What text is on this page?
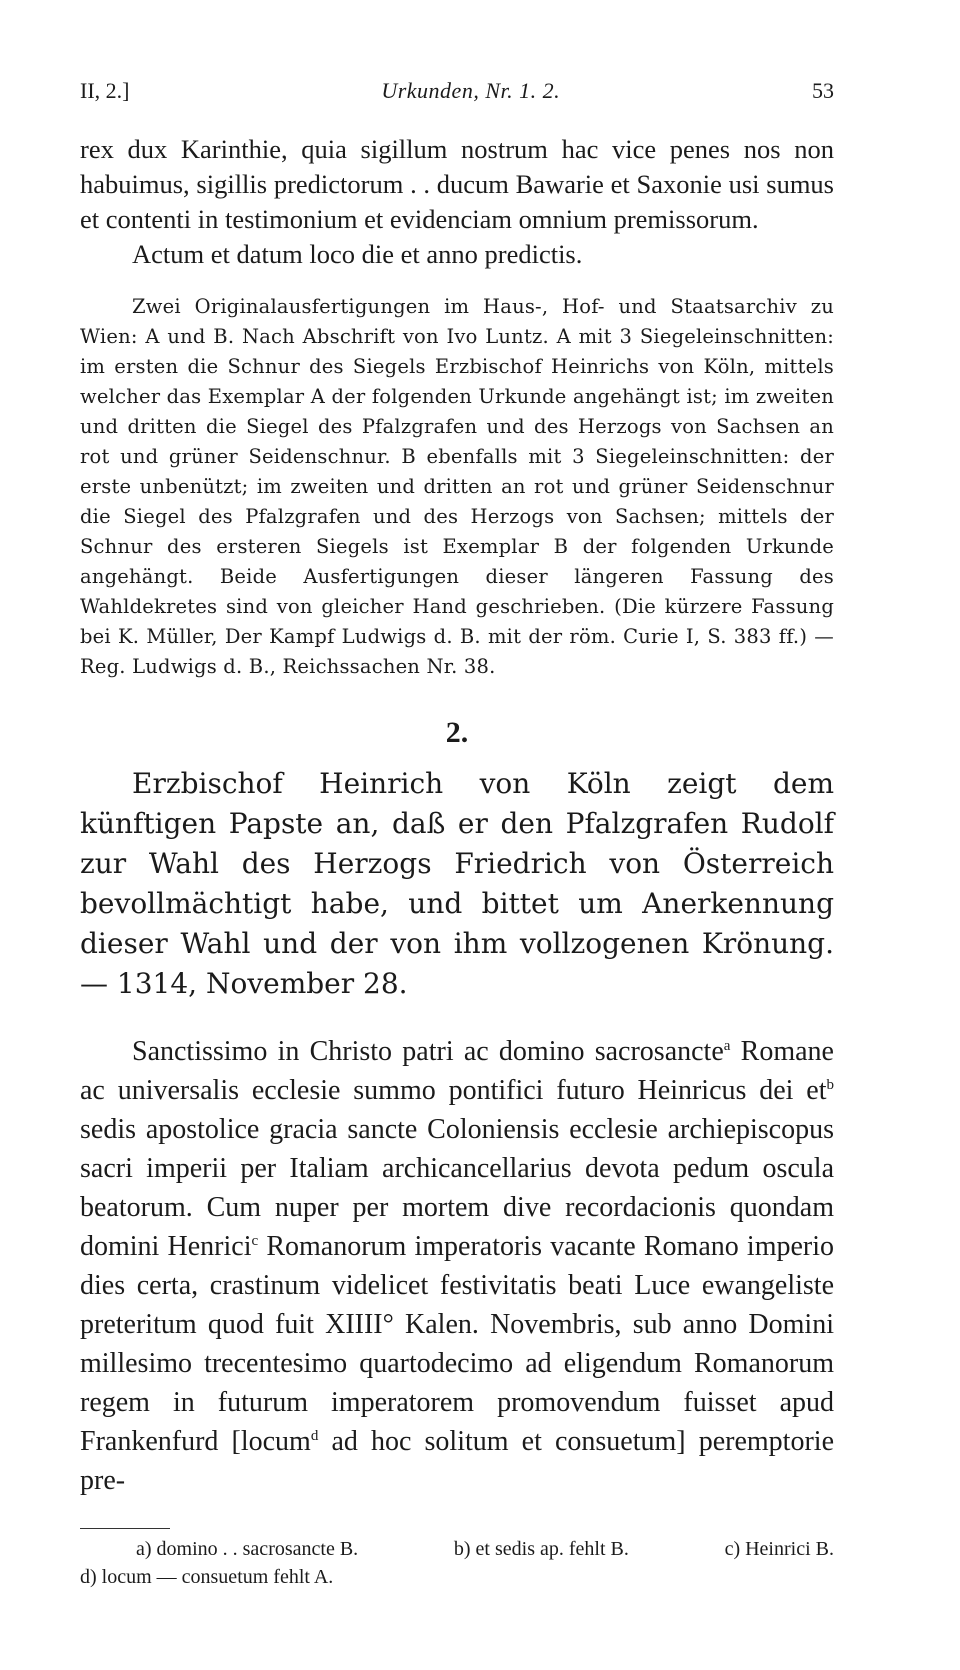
II, 2.]	Urkunden, Nr. 1. 2.	53

rex dux Karinthie, quia sigillum nostrum hac vice penes nos non habuimus, sigillis predictorum . . ducum Bawarie et Saxonie usi sumus et contenti in testimonium et evidenciam omnium premissorum.

Actum et datum loco die et anno predictis.

Zwei Originalausfertigungen im Haus-, Hof- und Staatsarchiv zu Wien: A und B. Nach Abschrift von Ivo Luntz. A mit 3 Siegeleinschnitten: im ersten die Schnur des Siegels Erzbischof Heinrichs von Köln, mittels welcher das Exemplar A der folgenden Urkunde angehängt ist; im zweiten und dritten die Siegel des Pfalzgrafen und des Herzogs von Sachsen an rot und grüner Seidenschnur. B ebenfalls mit 3 Siegeleinschnitten: der erste unbenützt; im zweiten und dritten an rot und grüner Seidenschnur die Siegel des Pfalzgrafen und des Herzogs von Sachsen; mittels der Schnur des ersteren Siegels ist Exemplar B der folgenden Urkunde angehängt. Beide Ausfertigungen dieser längeren Fassung des Wahldekretes sind von gleicher Hand geschrieben. (Die kürzere Fassung bei K. Müller, Der Kampf Ludwigs d. B. mit der röm. Curie I, S. 383 ff.) — Reg. Ludwigs d. B., Reichssachen Nr. 38.

2.

Erzbischof Heinrich von Köln zeigt dem künftigen Papste an, daß er den Pfalzgrafen Rudolf zur Wahl des Herzogs Friedrich von Österreich bevollmächtigt habe, und bittet um Anerkennung dieser Wahl und der von ihm vollzogenen Krönung. — 1314, November 28.

Sanctissimo in Christo patri ac domino sacrosancte$^a$ Romane ac universalis ecclesie summo pontifici futuro Heinricus dei $et^b$ sedis apostolice gracia sancte Coloniensis ecclesie archiepiscopus sacri imperii per Italiam archicancellarius devota pedum oscula beatorum. Cum nuper per mortem dive recordacionis quondam domini Henrici$^c$ Romanorum imperatoris vacante Romano imperio dies certa, crastinum videlicet festivitatis beati Luce ewangeliste preteritum quod fuit XIIII° Kalen. Novembris, sub anno Domini millesimo trecentesimo quartodecimo ad eligendum Romanorum regem in futurum imperatorem promovendum fuisset apud Frankenfurd [locum$^d$ ad hoc solitum et consuetum] peremptorie pre-

a) domino . . sacrosancte B.	b) et sedis ap. fehlt B.	c) Heinrici B.
d) locum — consuetum fehlt A.
